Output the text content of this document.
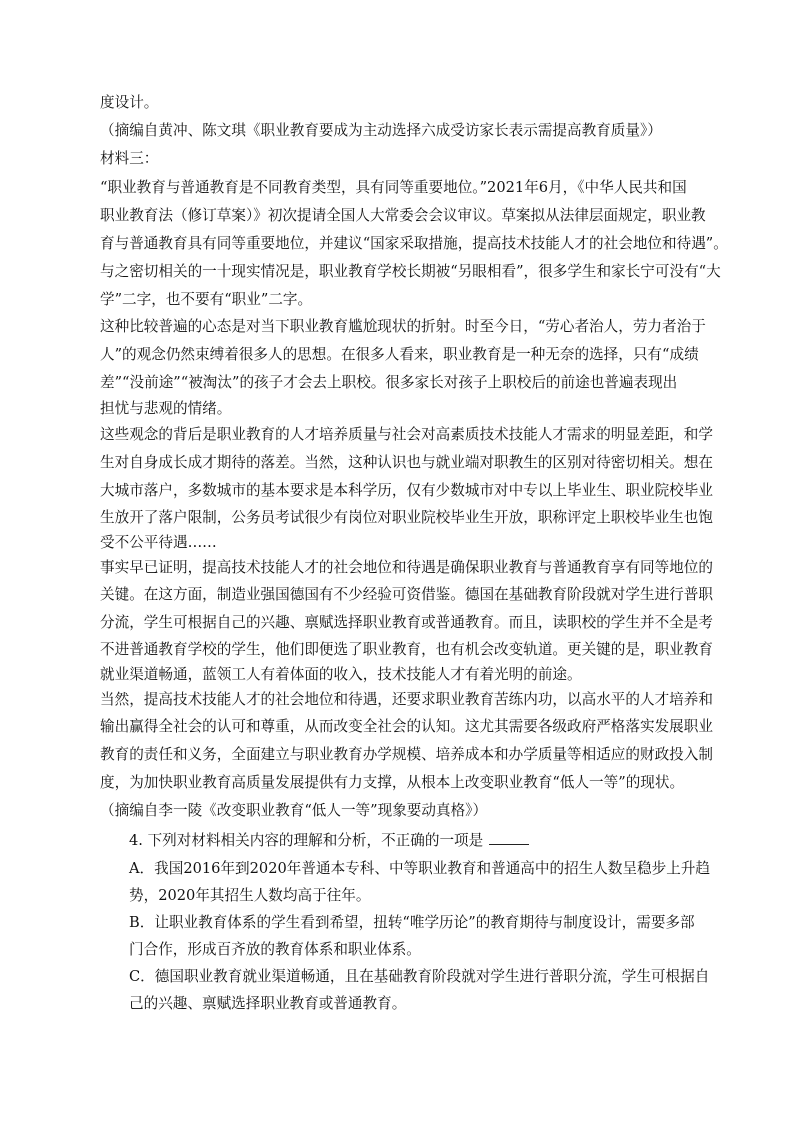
度设计。
（摘编自黄冲、陈文琪《职业教育要成为主动选择六成受访家长表示需提高教育质量》）
材料三：
“职业教育与普通教育是不同教育类型，具有同等重要地位。”2021年6月，《中华人民共和国
职业教育法（修订草案）》初次提请全国人大常委会会议审议。草案拟从法律层面规定，职业教
育与普通教育具有同等重要地位，并建议“国家采取措施，提高技术技能人才的社会地位和待遇”。
与之密切相关的一十现实情况是，职业教育学校长期被“另眼相看”，很多学生和家长宁可没有“大
学”二字，也不要有“职业”二字。
这种比较普遍的心态是对当下职业教育尴尬现状的折射。时至今日，“劳心者治人，劳力者治于
人”的观念仍然束缚着很多人的思想。在很多人看来，职业教育是一种无奈的选择，只有“成绩
差”“没前途”“被淘汰”的孩子才会去上职校。很多家长对孩子上职校后的前途也普遍表现出
担忧与悲观的情绪。
这些观念的背后是职业教育的人才培养质量与社会对高素质技术技能人才需求的明显差距，和学
生对自身成长成才期待的落差。当然，这种认识也与就业端对职教生的区别对待密切相关。想在
大城市落户，多数城市的基本要求是本科学历，仅有少数城市对中专以上毕业生、职业院校毕业
生放开了落户限制，公务员考试很少有岗位对职业院校毕业生开放，职称评定上职校毕业生也饱
受不公平待遇……
事实早已证明，提高技术技能人才的社会地位和待遇是确保职业教育与普通教育享有同等地位的
关键。在这方面，制造业强国德国有不少经验可资借鉴。德国在基础教育阶段就对学生进行普职
分流，学生可根据自己的兴趣、禀赋选择职业教育或普通教育。而且，读职校的学生并不全是考
不进普通教育学校的学生，他们即便选了职业教育，也有机会改变轨道。更关键的是，职业教育
就业渠道畅通，蓝领工人有着体面的收入，技术技能人才有着光明的前途。
当然，提高技术技能人才的社会地位和待遇，还要求职业教育苦练内功，以高水平的人才培养和
输出赢得全社会的认可和尊重，从而改变全社会的认知。这尤其需要各级政府严格落实发展职业
教育的责任和义务，全面建立与职业教育办学规模、培养成本和办学质量等相适应的财政投入制
度，为加快职业教育高质量发展提供有力支撑，从根本上改变职业教育“低人一等”的现状。
（摘编自李一陵《改变职业教育“低人一等”现象要动真格》）
4. 下列对材料相关内容的理解和分析，不正确的一项是
A．我国2016年到2020年普通本专科、中等职业教育和普通高中的招生人数呈稳步上升趋
势，2020年其招生人数均高于往年。
B．让职业教育体系的学生看到希望，扭转“唯学历论”的教育期待与制度设计，需要多部
门合作，形成百齐放的教育体系和职业体系。
C．德国职业教育就业渠道畅通，且在基础教育阶段就对学生进行普职分流，学生可根据自
己的兴趣、禀赋选择职业教育或普通教育。
